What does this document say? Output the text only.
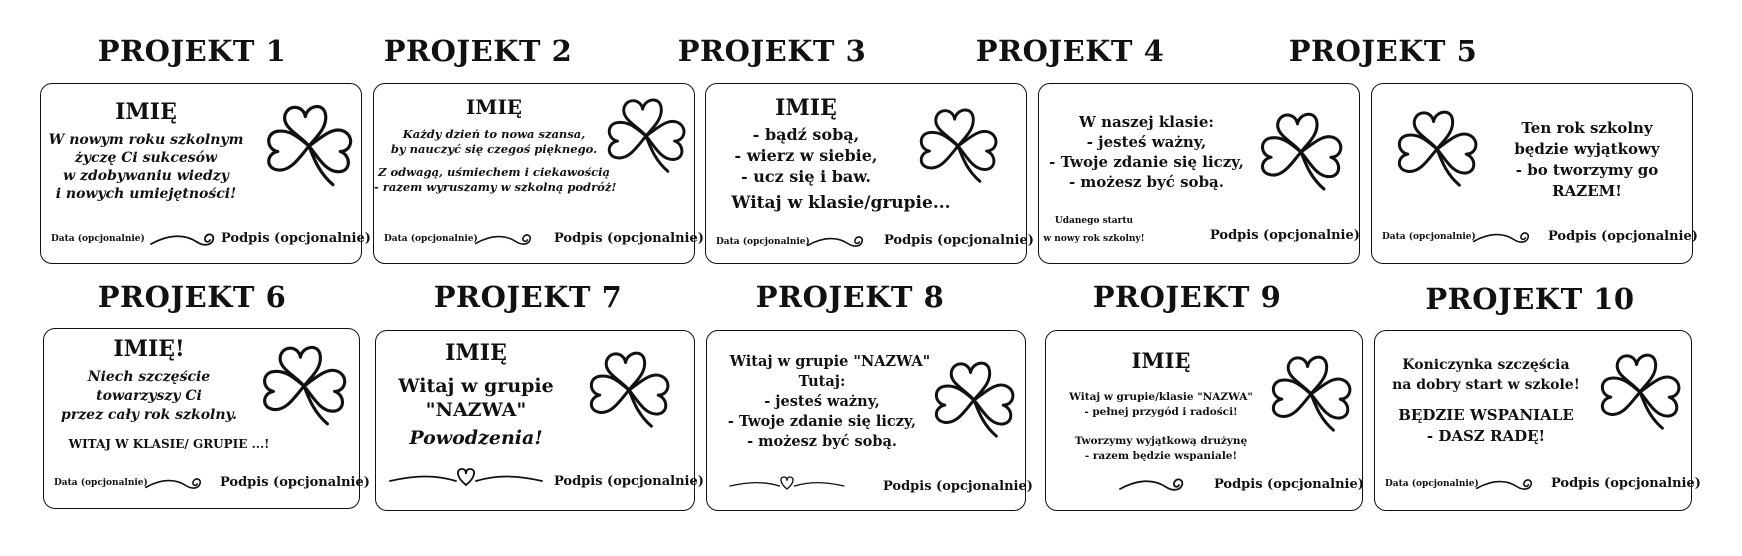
PROJEKT 1	PROJEKT 2	PROJEKT 3	PROJEKT 4	PROJEKT 5
IMIĘ
W nowym roku szkolnym
życzę Ci sukcesów
w zdobywaniu wiedzy
i nowych umiejętności!
Data (opcjonalnie)	Podpis (opcjonalnie)
IMIĘ
Każdy dzień to nowa szansa,
by nauczyć się czegoś pięknego.
Z odwagą, uśmiechem i ciekawością
- razem wyruszamy w szkolną podróż!
Data (opcjonalnie)	Podpis (opcjonalnie)
IMIĘ
- bądź sobą,
- wierz w siebie,
- ucz się i baw.
Witaj w klasie/grupie...
Data (opcjonalnie)	Podpis (opcjonalnie)
W naszej klasie:
- jesteś ważny,
- Twoje zdanie się liczy,
- możesz być sobą.
Udanego startu
w nowy rok szkolny!	Podpis (opcjonalnie)
Ten rok szkolny
będzie wyjątkowy
- bo tworzymy go
RAZEM!
Data (opcjonalnie)	Podpis (opcjonalnie)
PROJEKT 6	PROJEKT 7	PROJEKT 8	PROJEKT 9	PROJEKT 10
IMIĘ!
Niech szczęście
towarzyszy Ci
przez cały rok szkolny.
WITAJ W KLASIE/ GRUPIE ...!
Data (opcjonalnie)	Podpis (opcjonalnie)
IMIĘ
Witaj w grupie
"NAZWA"
Powodzenia!
Podpis (opcjonalnie)
Witaj w grupie "NAZWA"
Tutaj:
- jesteś ważny,
- Twoje zdanie się liczy,
- możesz być sobą.
Podpis (opcjonalnie)
IMIĘ
Witaj w grupie/klasie "NAZWA"
- pełnej przygód i radości!
Tworzymy wyjątkową drużynę
- razem będzie wspaniale!
Podpis (opcjonalnie)
Koniczynka szczęścia
na dobry start w szkole!
BĘDZIE WSPANIALE
- DASZ RADĘ!
Data (opcjonalnie)	Podpis (opcjonalnie)
